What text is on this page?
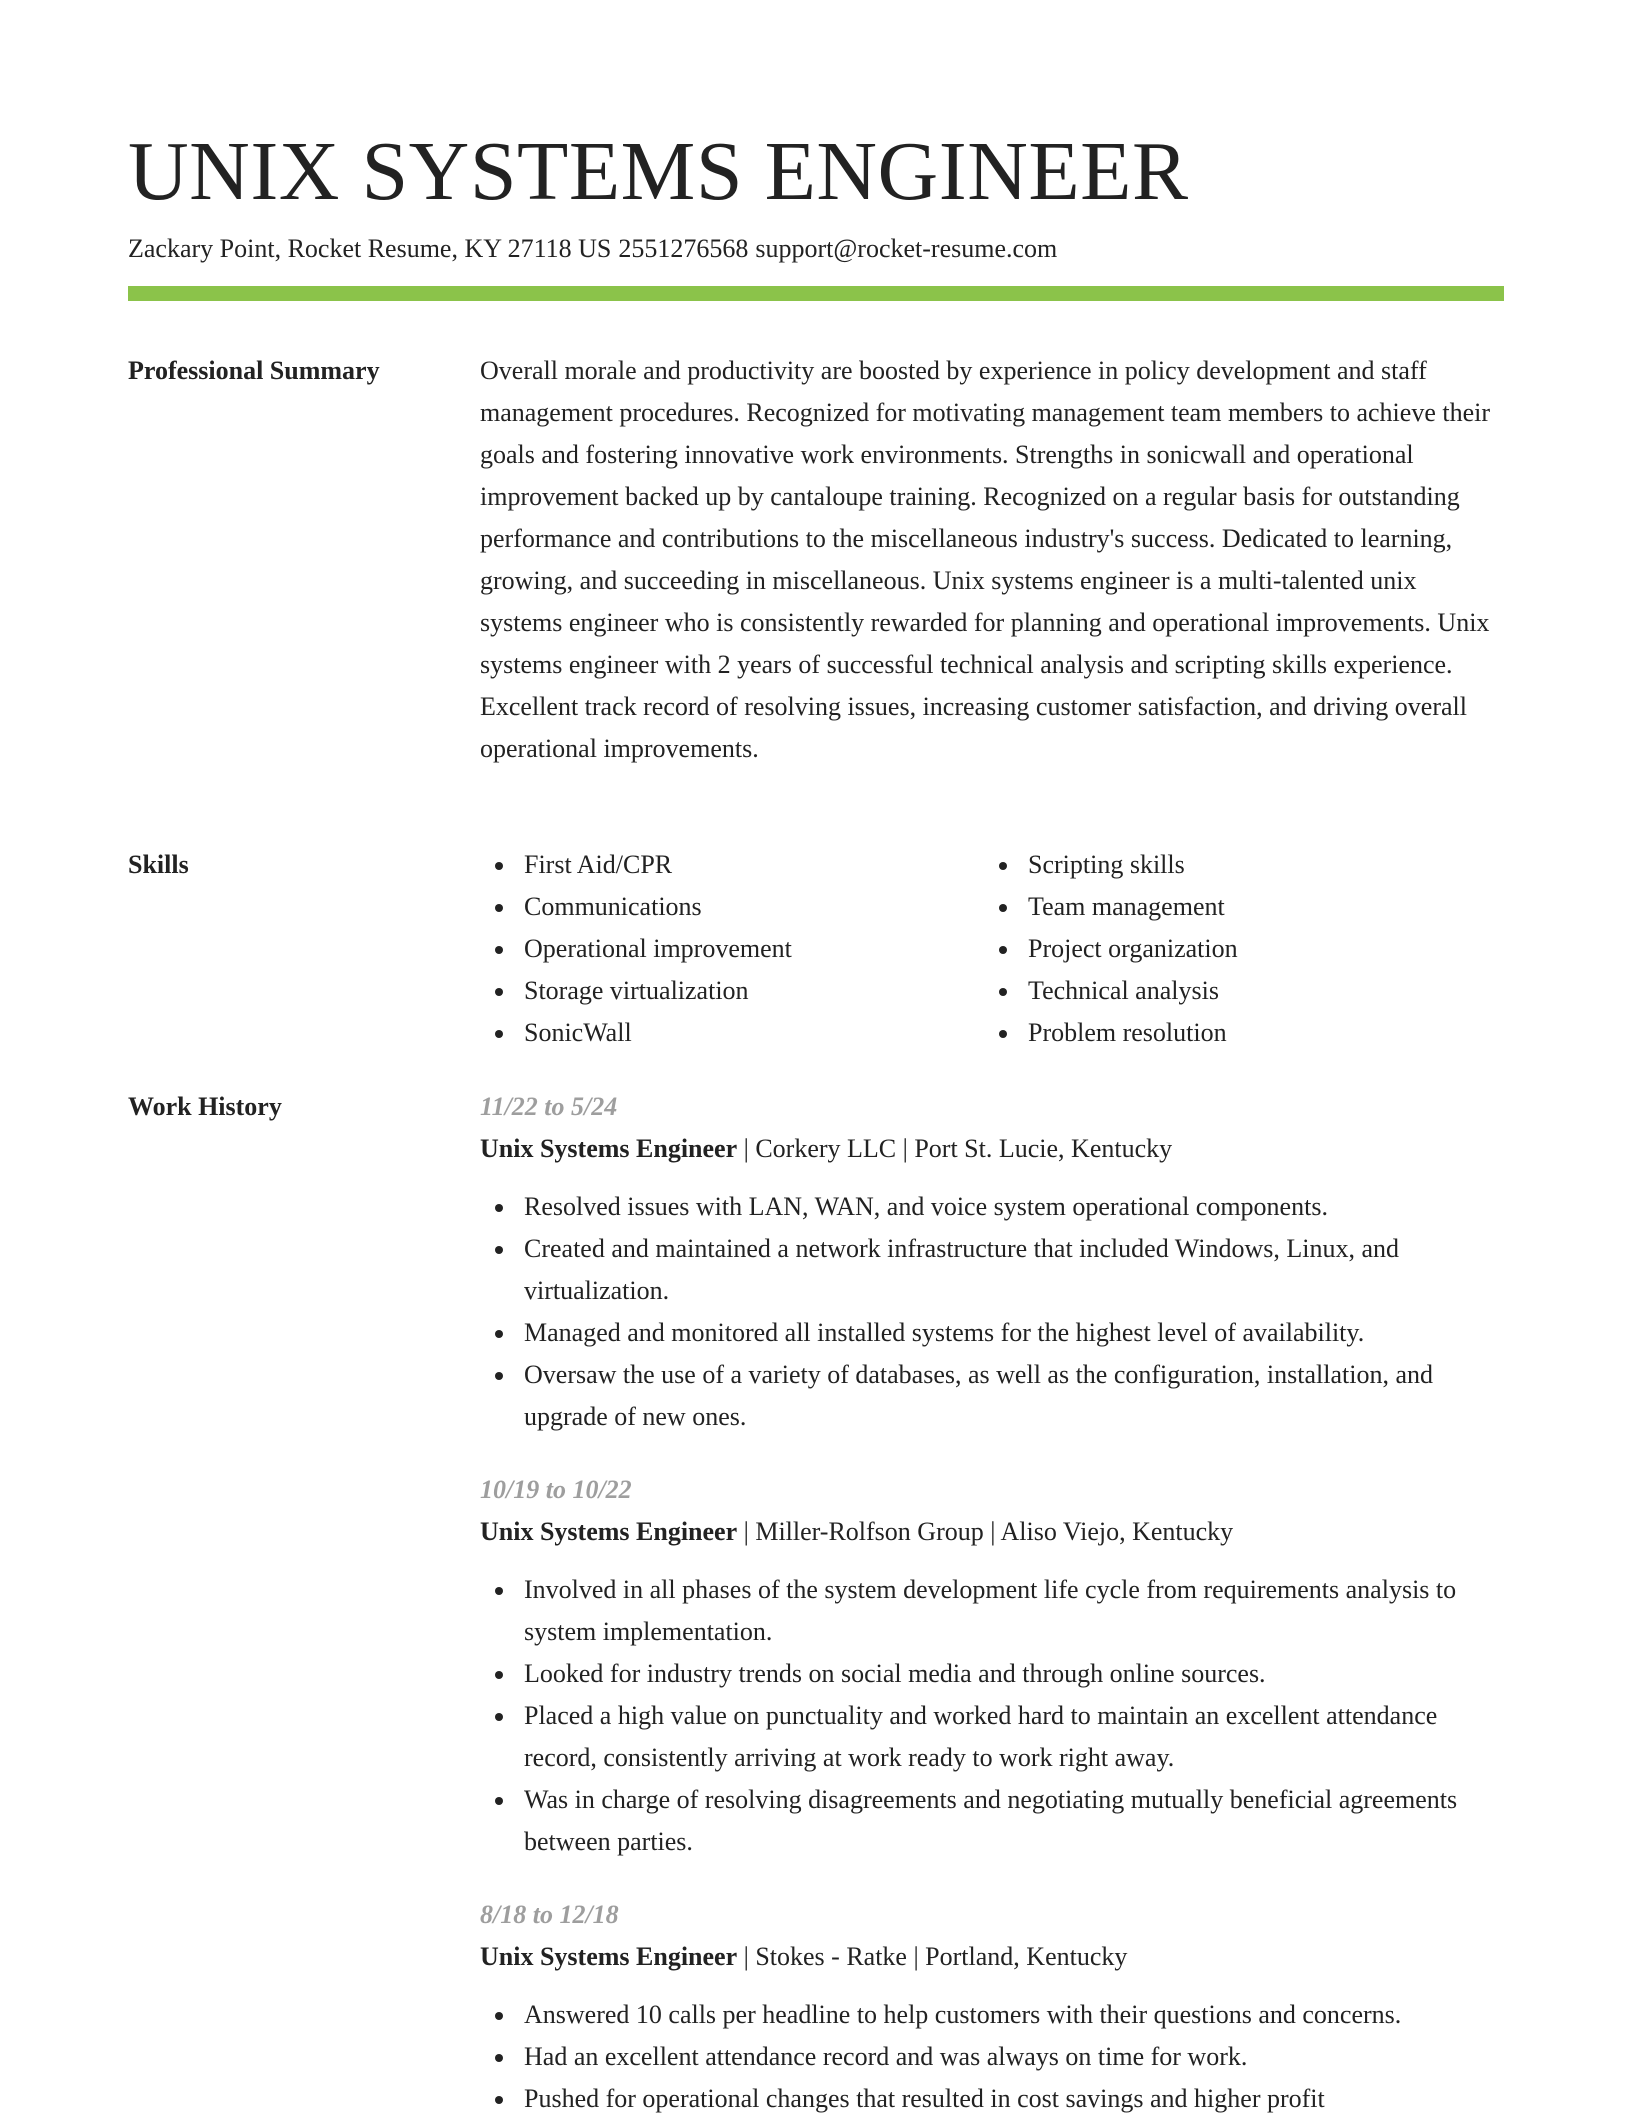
UNIX SYSTEMS ENGINEER
Zackary Point, Rocket Resume, KY 27118 US 2551276568 support@rocket-resume.com
Professional Summary	Overall morale and productivity are boosted by experience in policy development and staff management procedures. Recognized for motivating management team members to achieve their goals and fostering innovative work environments. Strengths in sonicwall and operational improvement backed up by cantaloupe training. Recognized on a regular basis for outstanding performance and contributions to the miscellaneous industry's success. Dedicated to learning, growing, and succeeding in miscellaneous. Unix systems engineer is a multi-talented unix systems engineer who is consistently rewarded for planning and operational improvements. Unix systems engineer with 2 years of successful technical analysis and scripting skills experience. Excellent track record of resolving issues, increasing customer satisfaction, and driving overall operational improvements.

Skills	First Aid/CPR
Communications
Operational improvement
Storage virtualization
SonicWall
Scripting skills
Team management
Project organization
Technical analysis
Problem resolution
Work History	11/22 to 5/24
Unix Systems Engineer | Corkery LLC | Port St. Lucie, Kentucky
Resolved issues with LAN, WAN, and voice system operational components.
Created and maintained a network infrastructure that included Windows, Linux, and virtualization.
Managed and monitored all installed systems for the highest level of availability.
Oversaw the use of a variety of databases, as well as the configuration, installation, and upgrade of new ones.
10/19 to 10/22
Unix Systems Engineer | Miller-Rolfson Group | Aliso Viejo, Kentucky
Involved in all phases of the system development life cycle from requirements analysis to system implementation.
Looked for industry trends on social media and through online sources.
Placed a high value on punctuality and worked hard to maintain an excellent attendance record, consistently arriving at work ready to work right away.
Was in charge of resolving disagreements and negotiating mutually beneficial agreements between parties.
8/18 to 12/18
Unix Systems Engineer | Stokes - Ratke | Portland, Kentucky
Answered 10 calls per headline to help customers with their questions and concerns.
Had an excellent attendance record and was always on time for work.
Pushed for operational changes that resulted in cost savings and higher profit
